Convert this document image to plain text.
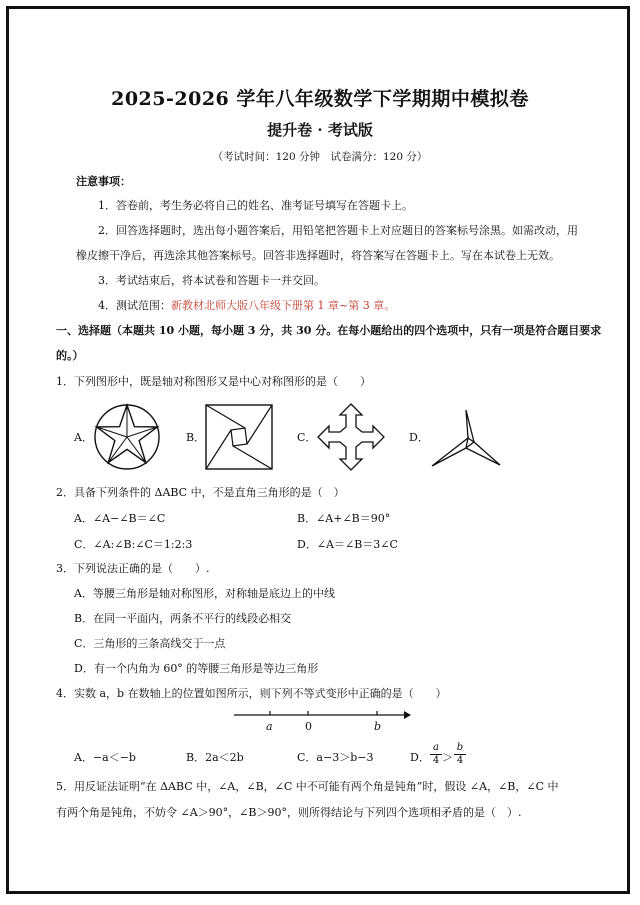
2025-2026 学年八年级数学下学期期中模拟卷
提升卷 · 考试版
（考试时间：120 分钟　试卷满分：120 分）
注意事项：
1．答卷前，考生务必将自己的姓名、准考证号填写在答题卡上。
2．回答选择题时，选出每小题答案后，用铅笔把答题卡上对应题目的答案标号涂黑。如需改动，用
橡皮擦干净后，再选涂其他答案标号。回答非选择题时，将答案写在答题卡上。写在本试卷上无效。
3．考试结束后，将本试卷和答题卡一并交回。
4．测试范围：新教材北师大版八年级下册第 1 章~第 3 章。
一、选择题（本题共 10 小题，每小题 3 分，共 30 分。在每小题给出的四个选项中，只有一项是符合题目要求
的。）
1．下列图形中，既是轴对称图形又是中心对称图形的是（　　）
A．	B．	C．	D．
2．具备下列条件的 ΔABC 中，不是直角三角形的是（　）
A．∠A−∠B＝∠C	B．∠A+∠B＝90°
C．∠A:∠B:∠C＝1:2:3	D．∠A＝∠B＝3∠C
3．下列说法正确的是（　　）.
A．等腰三角形是轴对称图形，对称轴是底边上的中线
B．在同一平面内，两条不平行的线段必相交
C．三角形的三条高线交于一点
D．有一个内角为 60° 的等腰三角形是等边三角形
4．实数 a，b 在数轴上的位置如图所示，则下列不等式变形中正确的是（　　）
a	0	b
A．−a＜−b	B．2a＜2b	C．a−3＞b−3	D． $\frac{a}{4} > \frac{b}{4}$
5．用反证法证明“在 ΔABC 中，∠A，∠B，∠C 中不可能有两个角是钝角”时，假设 ∠A，∠B，∠C 中
有两个角是钝角，不妨令 ∠A＞90°，∠B＞90°，则所得结论与下列四个选项相矛盾的是（　）.
